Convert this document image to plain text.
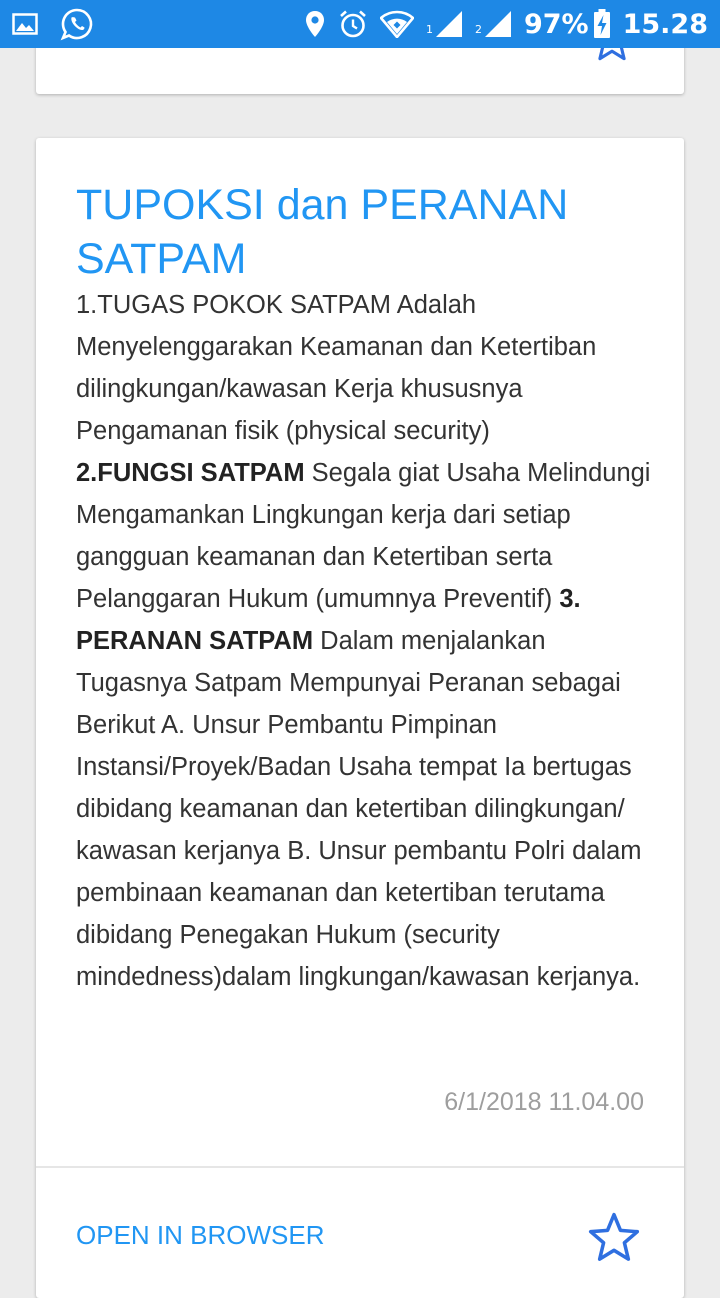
1	2 97% 15.28
TUPOKSI dan PERANAN SATPAM

1.TUGAS POKOK SATPAM Adalah Menyelenggarakan Keamanan dan Ketertiban dilingkungan/kawasan Kerja khususnya Pengamanan fisik (physical security)
2.FUNGSI SATPAM Segala giat Usaha Melindungi Mengamankan Lingkungan kerja dari setiap gangguan keamanan dan Ketertiban serta Pelanggaran Hukum (umumnya Preventif) 3. PERANAN SATPAM Dalam menjalankan Tugasnya Satpam Mempunyai Peranan sebagai Berikut A. Unsur Pembantu Pimpinan Instansi/Proyek/Badan Usaha tempat Ia bertugas dibidang keamanan dan ketertiban dilingkungan/ kawasan kerjanya B. Unsur pembantu Polri dalam pembinaan keamanan dan ketertiban terutama dibidang Penegakan Hukum (security mindedness)dalam lingkungan/kawasan kerjanya.

6/1/2018 11.04.00
OPEN IN BROWSER
